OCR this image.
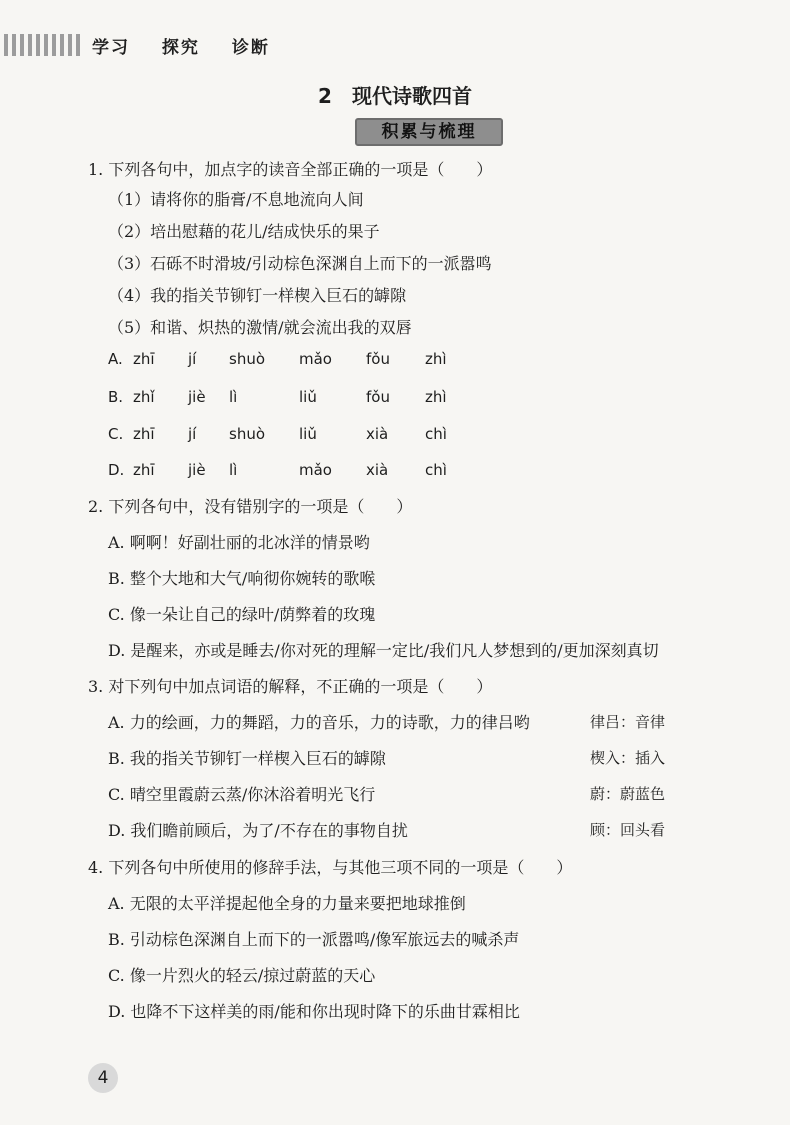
学习 探究 诊断
2　现代诗歌四首
积累与梳理
1. 下列各句中，加点字的读音全部正确的一项是（　　）
（1）请将你的脂膏/不息地流向人间
（2）培出慰藉的花儿/结成快乐的果子
（3）石砾不时滑坡/引动棕色深渊自上而下的一派嚣鸣
（4）我的指关节铆钉一样楔入巨石的罅隙
（5）和谐、炽热的激情/就会流出我的双唇
A. zhī jí shuò mǎo fǒu zhì
B. zhǐ jiè lì	liǔ	fǒu zhì
C. zhī jí shuò liǔ	xià chì
D. zhī jiè lì	mǎo xià chì
2. 下列各句中，没有错别字的一项是（　　）
A. 啊啊！好副壮丽的北冰洋的情景哟
B. 整个大地和大气/响彻你婉转的歌喉
C. 像一朵让自己的绿叶/荫弊着的玫瑰
D. 是醒来，亦或是睡去/你对死的理解一定比/我们凡人梦想到的/更加深刻真切
3. 对下列句中加点词语的解释，不正确的一项是（　　）
A. 力的绘画，力的舞蹈，力的音乐，力的诗歌，力的律吕哟	律吕：音律
B. 我的指关节铆钉一样楔入巨石的罅隙	楔入：插入
C. 晴空里霞蔚云蒸/你沐浴着明光飞行	蔚：蔚蓝色
D. 我们瞻前顾后，为了/不存在的事物自扰	顾：回头看
4. 下列各句中所使用的修辞手法，与其他三项不同的一项是（　　）
A. 无限的太平洋提起他全身的力量来要把地球推倒
B. 引动棕色深渊自上而下的一派嚣鸣/像军旅远去的喊杀声
C. 像一片烈火的轻云/掠过蔚蓝的天心
D. 也降不下这样美的雨/能和你出现时降下的乐曲甘霖相比
4
